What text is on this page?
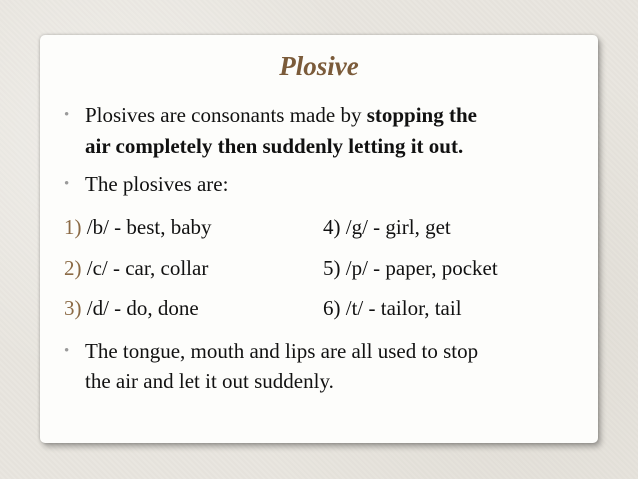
Plosive
• Plosives are consonants made by stopping the
air completely then suddenly letting it out.
• The plosives are:
1) /b/ - best, baby	4) /g/ - girl, get
2) /c/ - car, collar	5) /p/ - paper, pocket
3) /d/ - do, done	6) /t/ - tailor, tail
• The tongue, mouth and lips are all used to stop
the air and let it out suddenly.
